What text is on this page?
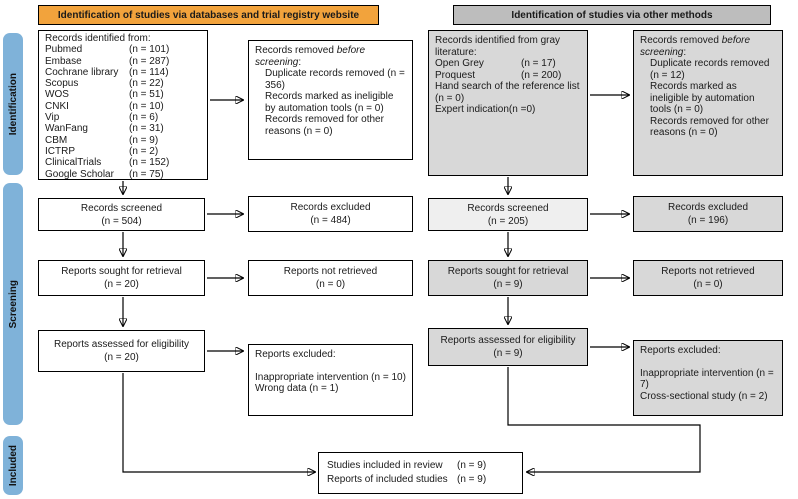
Identification of studies via databases and trial registry website	Identification of studies via other methods
Identification
Screening
Included
Records identified from:
Pubmed	(n = 101)
Embase	(n = 287)
Cochrane library	(n = 114)
Scopus	(n = 22)
WOS	(n = 51)
CNKI	(n = 10)
Vip	(n = 6)
WanFang	(n = 31)
CBM	(n = 9)
ICTRP	(n = 2)
ClinicalTrials	(n = 152)
Google Scholar	(n = 75)
Records removed before screening:
Duplicate records removed (n = 356)
Records marked as ineligible by automation tools (n = 0)
Records removed for other reasons (n = 0)
Records screened
(n = 504)
Records excluded
(n = 484)
Reports sought for retrieval
(n = 20)
Reports not retrieved
(n = 0)
Reports assessed for eligibility
(n = 20)	Reports excluded:
Inappropriate intervention (n = 10)
Wrong data (n = 1)
Records identified from gray literature:
Open Grey	(n = 17)
Proquest	(n = 200)
Hand search of the reference list (n = 0)
Expert indication(n =0)
Records removed before screening:
Duplicate records removed (n = 12)
Records marked as ineligible by automation tools (n = 0)
Records removed for other reasons (n = 0)
Records screened
(n = 205)
Records excluded
(n = 196)
Reports sought for retrieval
(n = 9)
Reports not retrieved
(n = 0)
Reports assessed for eligibility
(n = 9)	Reports excluded:
Inappropriate intervention (n = 7)
Cross-sectional study (n = 2)
Studies included in review	(n = 9)
Reports of included studies (n = 9)
